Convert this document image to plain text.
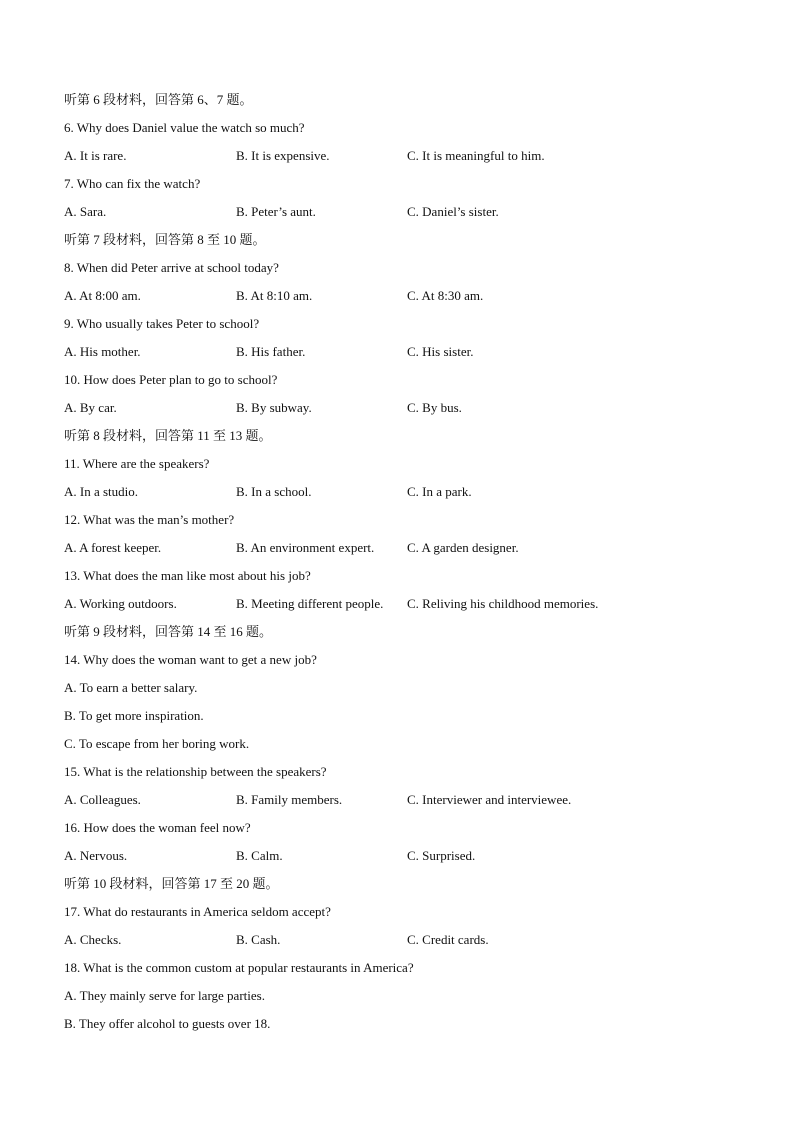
听第 6 段材料，回答第 6、7 题。
6. Why does Daniel value the watch so much?
A. It is rare.	B. It is expensive.	C. It is meaningful to him.
7. Who can fix the watch?
A. Sara.	B. Peter’s aunt.	C. Daniel’s sister.
听第 7 段材料，回答第 8 至 10 题。
8. When did Peter arrive at school today?
A. At 8:00 am.	B. At 8:10 am.	C. At 8:30 am.
9. Who usually takes Peter to school?
A. His mother.	B. His father.	C. His sister.
10. How does Peter plan to go to school?
A. By car.	B. By subway.	C. By bus.
听第 8 段材料，回答第 11 至 13 题。
11. Where are the speakers?
A. In a studio.	B. In a school.	C. In a park.
12. What was the man’s mother?
A. A forest keeper.	B. An environment expert.	C. A garden designer.
13. What does the man like most about his job?
A. Working outdoors.	B. Meeting different people. C. Reliving his childhood memories.
听第 9 段材料，回答第 14 至 16 题。
14. Why does the woman want to get a new job?
A. To earn a better salary.
B. To get more inspiration.
C. To escape from her boring work.
15. What is the relationship between the speakers?
A. Colleagues.	B. Family members.	C. Interviewer and interviewee.
16. How does the woman feel now?
A. Nervous.	B. Calm.	C. Surprised.
听第 10 段材料，回答第 17 至 20 题。
17. What do restaurants in America seldom accept?
A. Checks.	B. Cash.	C. Credit cards.
18. What is the common custom at popular restaurants in America?
A. They mainly serve for large parties.
B. They offer alcohol to guests over 18.
